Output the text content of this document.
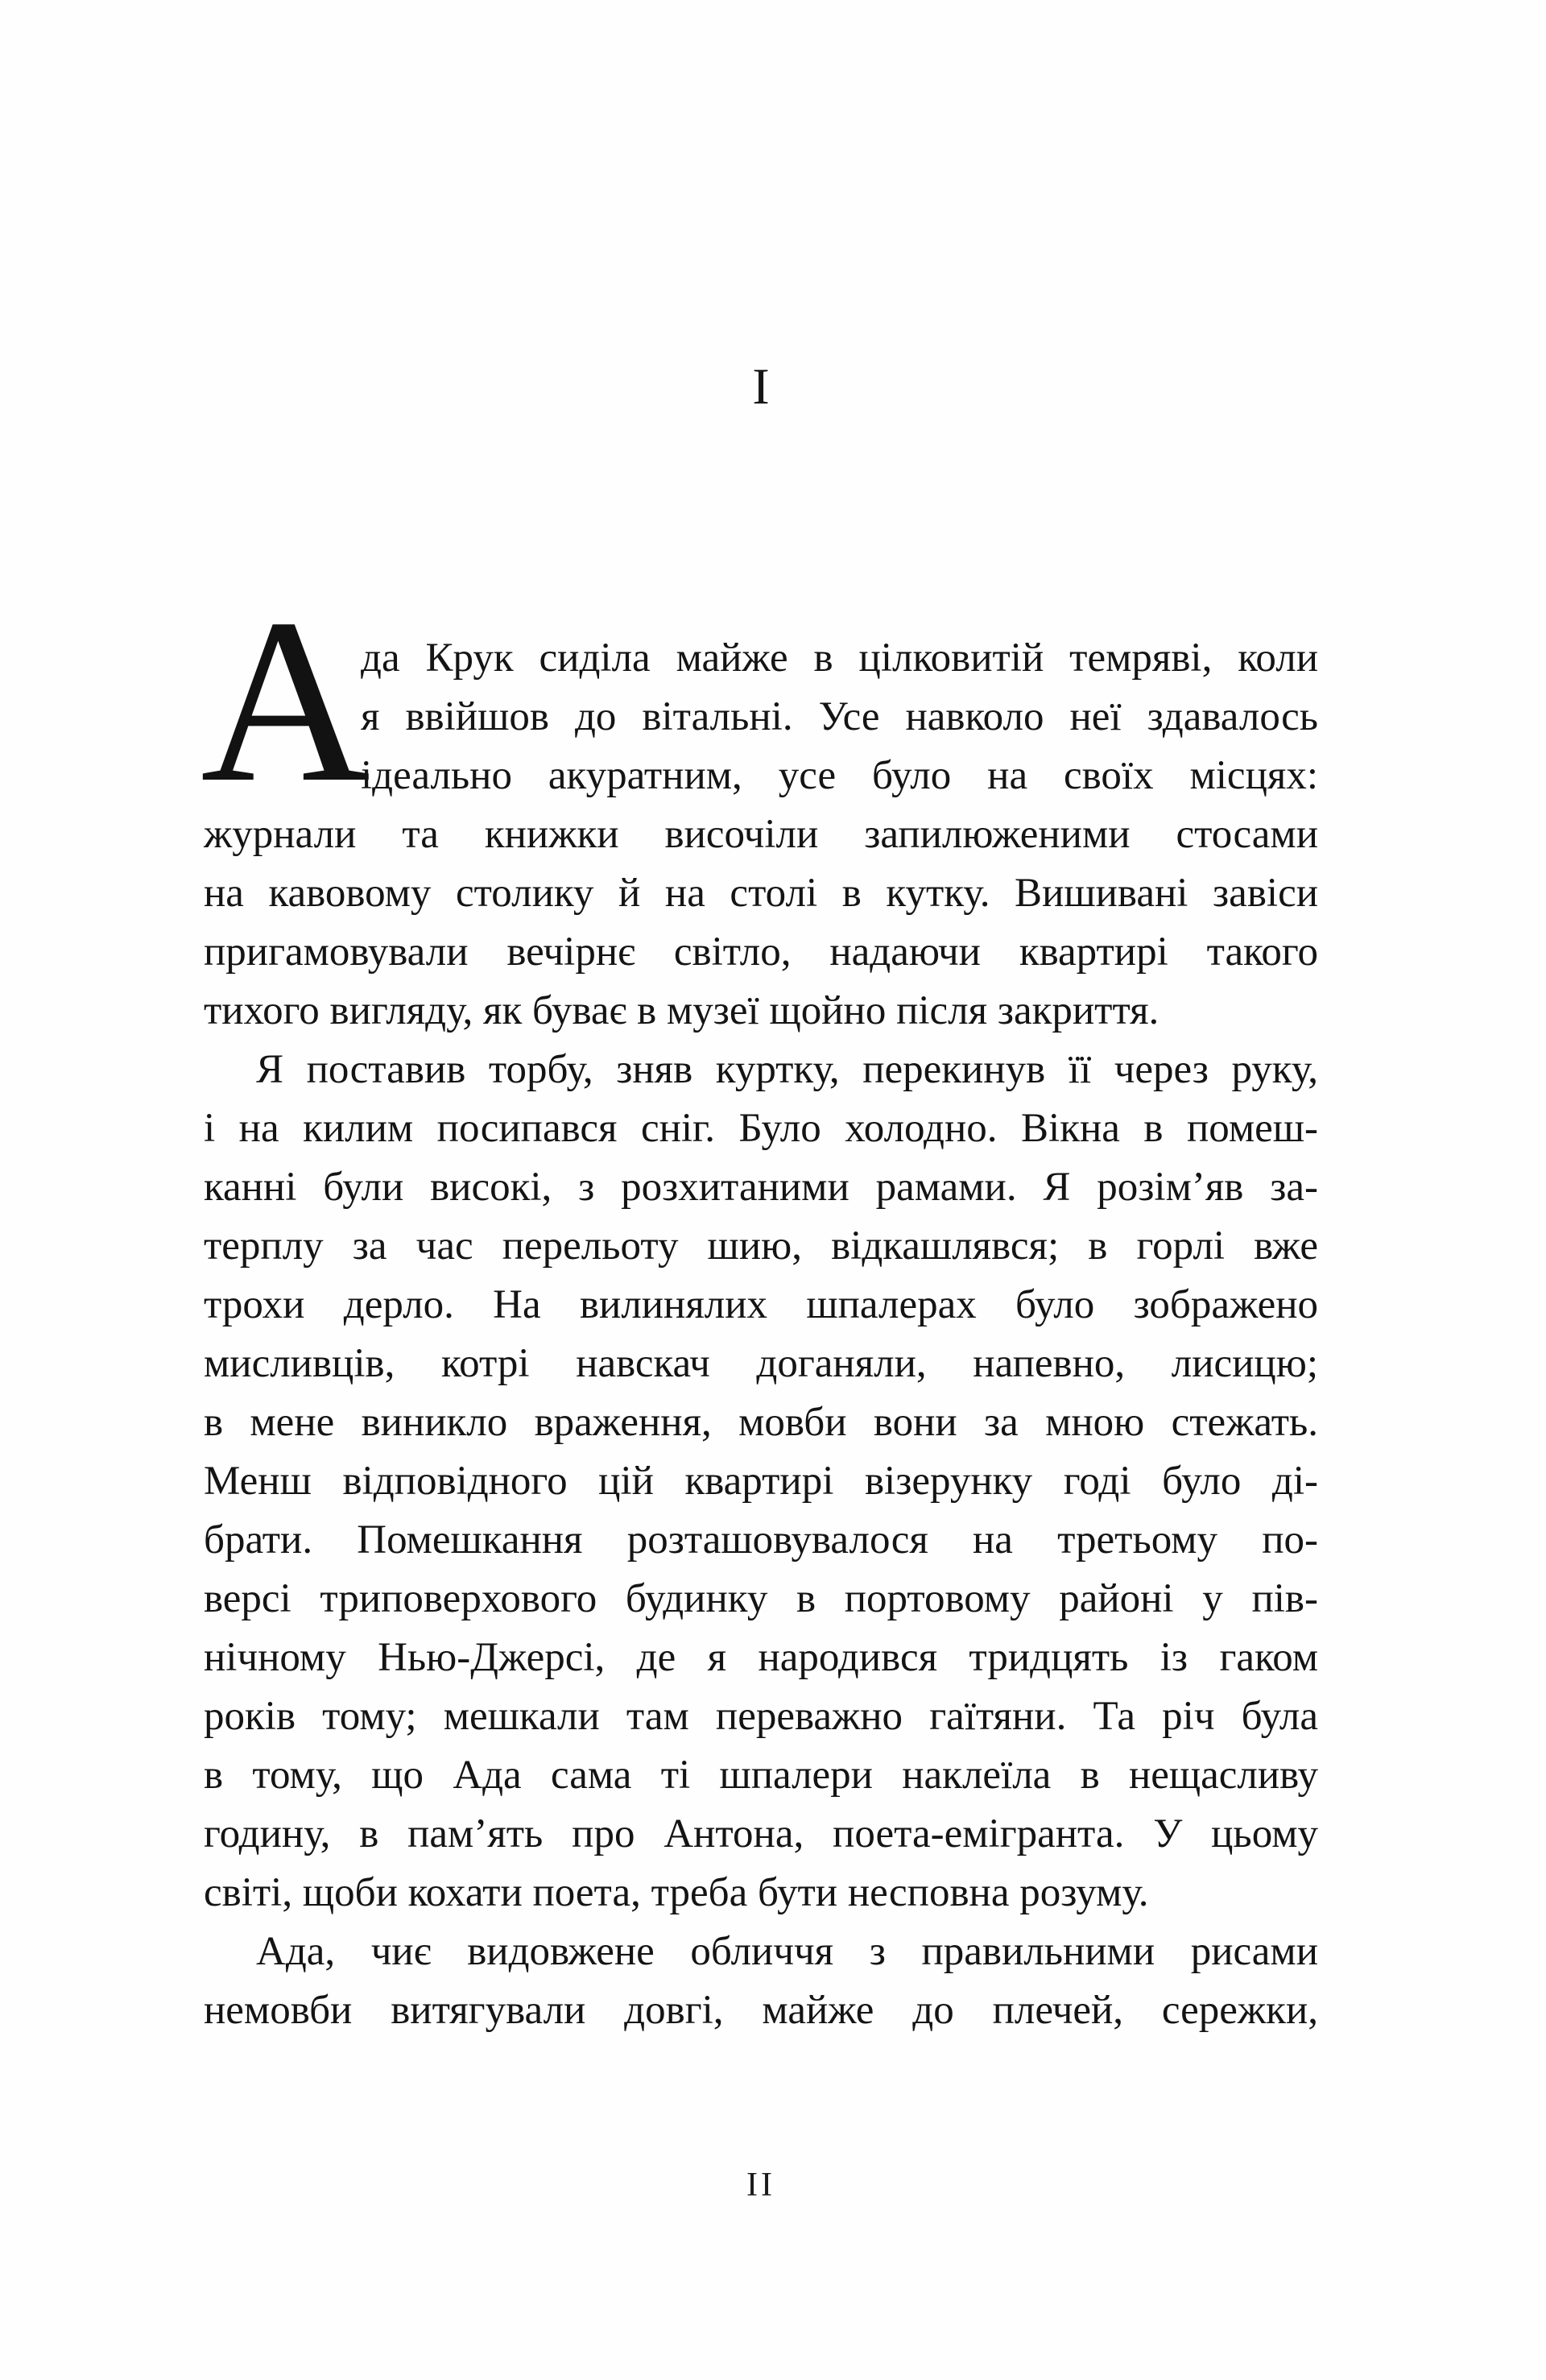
I
А
да Крук сиділа майже в цілковитій темряві, коли
я ввійшов до вітальні. Усе навколо неї здавалось
ідеально акуратним, усе було на своїх місцях:
журнали та книжки височіли запилюженими стосами
на кавовому столику й на столі в кутку. Вишивані завіси
пригамовували вечірнє світло, надаючи квартирі такого
тихого вигляду, як буває в музеї щойно після закриття.
Я поставив торбу, зняв куртку, перекинув її через руку,
і на килим посипався сніг. Було холодно. Вікна в помеш-
канні були високі, з розхитаними рамами. Я розім’яв за-
терплу за час перельоту шию, відкашлявся; в горлі вже
трохи дерло. На вилинялих шпалерах було зображено
мисливців, котрі навскач доганяли, напевно, лисицю;
в мене виникло враження, мовби вони за мною стежать.
Менш відповідного цій квартирі візерунку годі було ді-
брати. Помешкання розташовувалося на третьому по-
версі триповерхового будинку в портовому районі у пів-
нічному Нью-Джерсі, де я народився тридцять із гаком
років тому; мешкали там переважно гаїтяни. Та річ була
в тому, що Ада сама ті шпалери наклеїла в нещасливу
годину, в пам’ять про Антона, поета-емігранта. У цьому
світі, щоби кохати поета, треба бути несповна розуму.
Ада, чиє видовжене обличчя з правильними рисами
немовби витягували довгі, майже до плечей, сережки,
II
